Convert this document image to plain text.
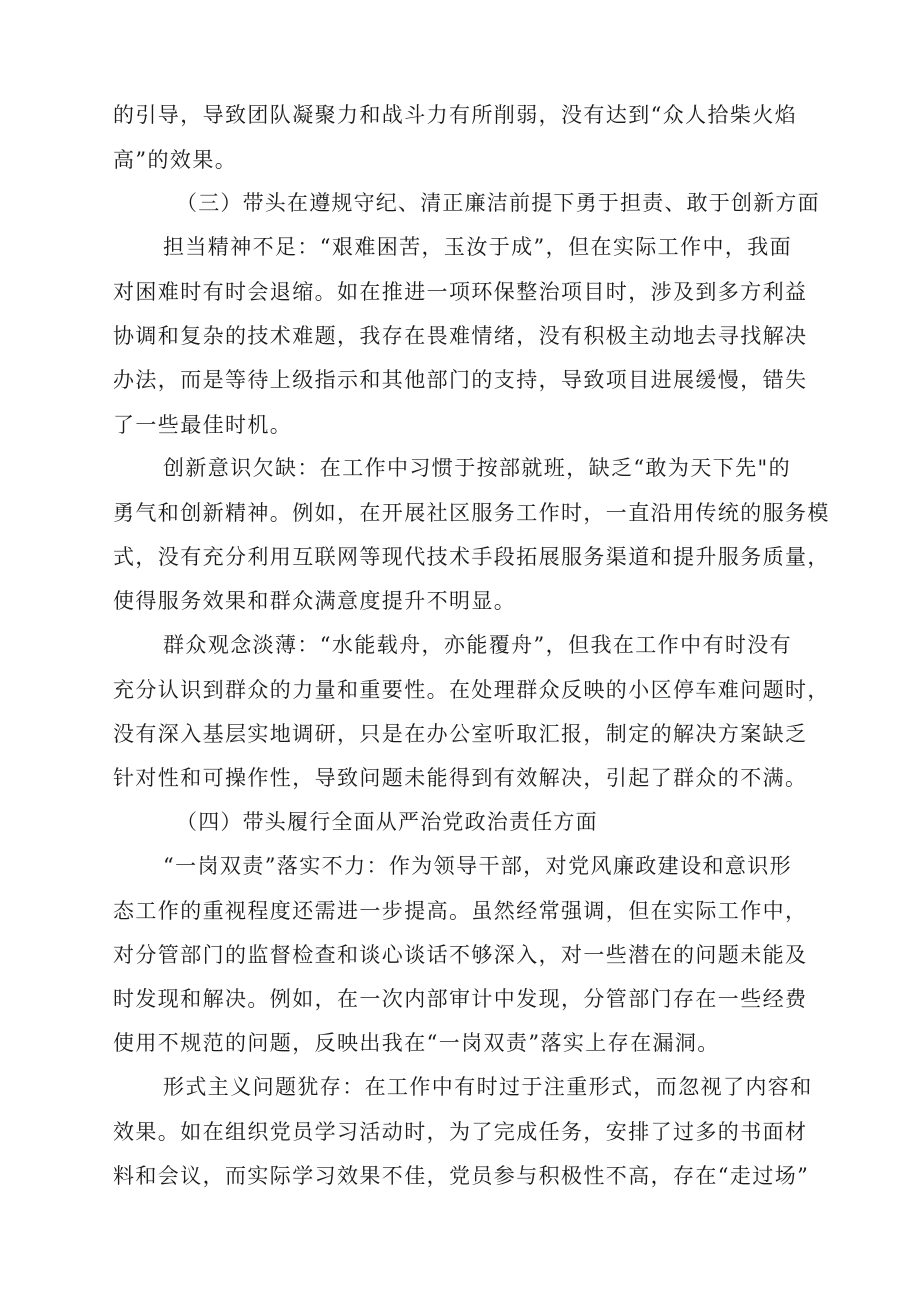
的引导，导致团队凝聚力和战斗力有所削弱，没有达到“众人拾柴火焰
高”的效果。
（三）带头在遵规守纪、清正廉洁前提下勇于担责、敢于创新方面
担当精神不足：“艰难困苦，玉汝于成”，但在实际工作中，我面
对困难时有时会退缩。如在推进一项环保整治项目时，涉及到多方利益
协调和复杂的技术难题，我存在畏难情绪，没有积极主动地去寻找解决
办法，而是等待上级指示和其他部门的支持，导致项目进展缓慢，错失
了一些最佳时机。
创新意识欠缺：在工作中习惯于按部就班，缺乏“敢为天下先"的
勇气和创新精神。例如，在开展社区服务工作时，一直沿用传统的服务模
式，没有充分利用互联网等现代技术手段拓展服务渠道和提升服务质量，
使得服务效果和群众满意度提升不明显。
群众观念淡薄：“水能载舟，亦能覆舟”，但我在工作中有时没有
充分认识到群众的力量和重要性。在处理群众反映的小区停车难问题时，
没有深入基层实地调研，只是在办公室听取汇报，制定的解决方案缺乏
针对性和可操作性，导致问题未能得到有效解决，引起了群众的不满。
（四）带头履行全面从严治党政治责任方面
“一岗双责”落实不力：作为领导干部，对党风廉政建设和意识形
态工作的重视程度还需进一步提高。虽然经常强调，但在实际工作中，
对分管部门的监督检查和谈心谈话不够深入，对一些潜在的问题未能及
时发现和解决。例如，在一次内部审计中发现，分管部门存在一些经费
使用不规范的问题，反映出我在“一岗双责”落实上存在漏洞。
形式主义问题犹存：在工作中有时过于注重形式，而忽视了内容和
效果。如在组织党员学习活动时，为了完成任务，安排了过多的书面材
料和会议，而实际学习效果不佳，党员参与积极性不高，存在“走过场”
